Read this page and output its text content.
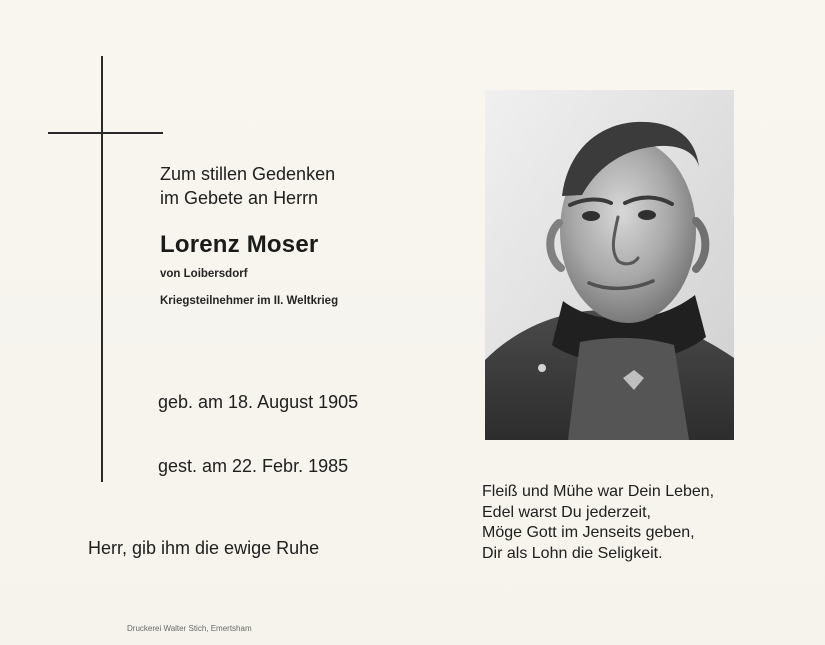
Zum stillen Gedenken
im Gebete an Herrn
Lorenz Moser
von Loibersdorf
Kriegsteilnehmer im II. Weltkrieg
geb. am 18. August 1905
gest. am 22. Febr. 1985
Herr, gib ihm die ewige Ruhe
Druckerei Walter Stich, Emertsham
Fleiß und Mühe war Dein Leben,
Edel warst Du jederzeit,
Möge Gott im Jenseits geben,
Dir als Lohn die Seligkeit.
